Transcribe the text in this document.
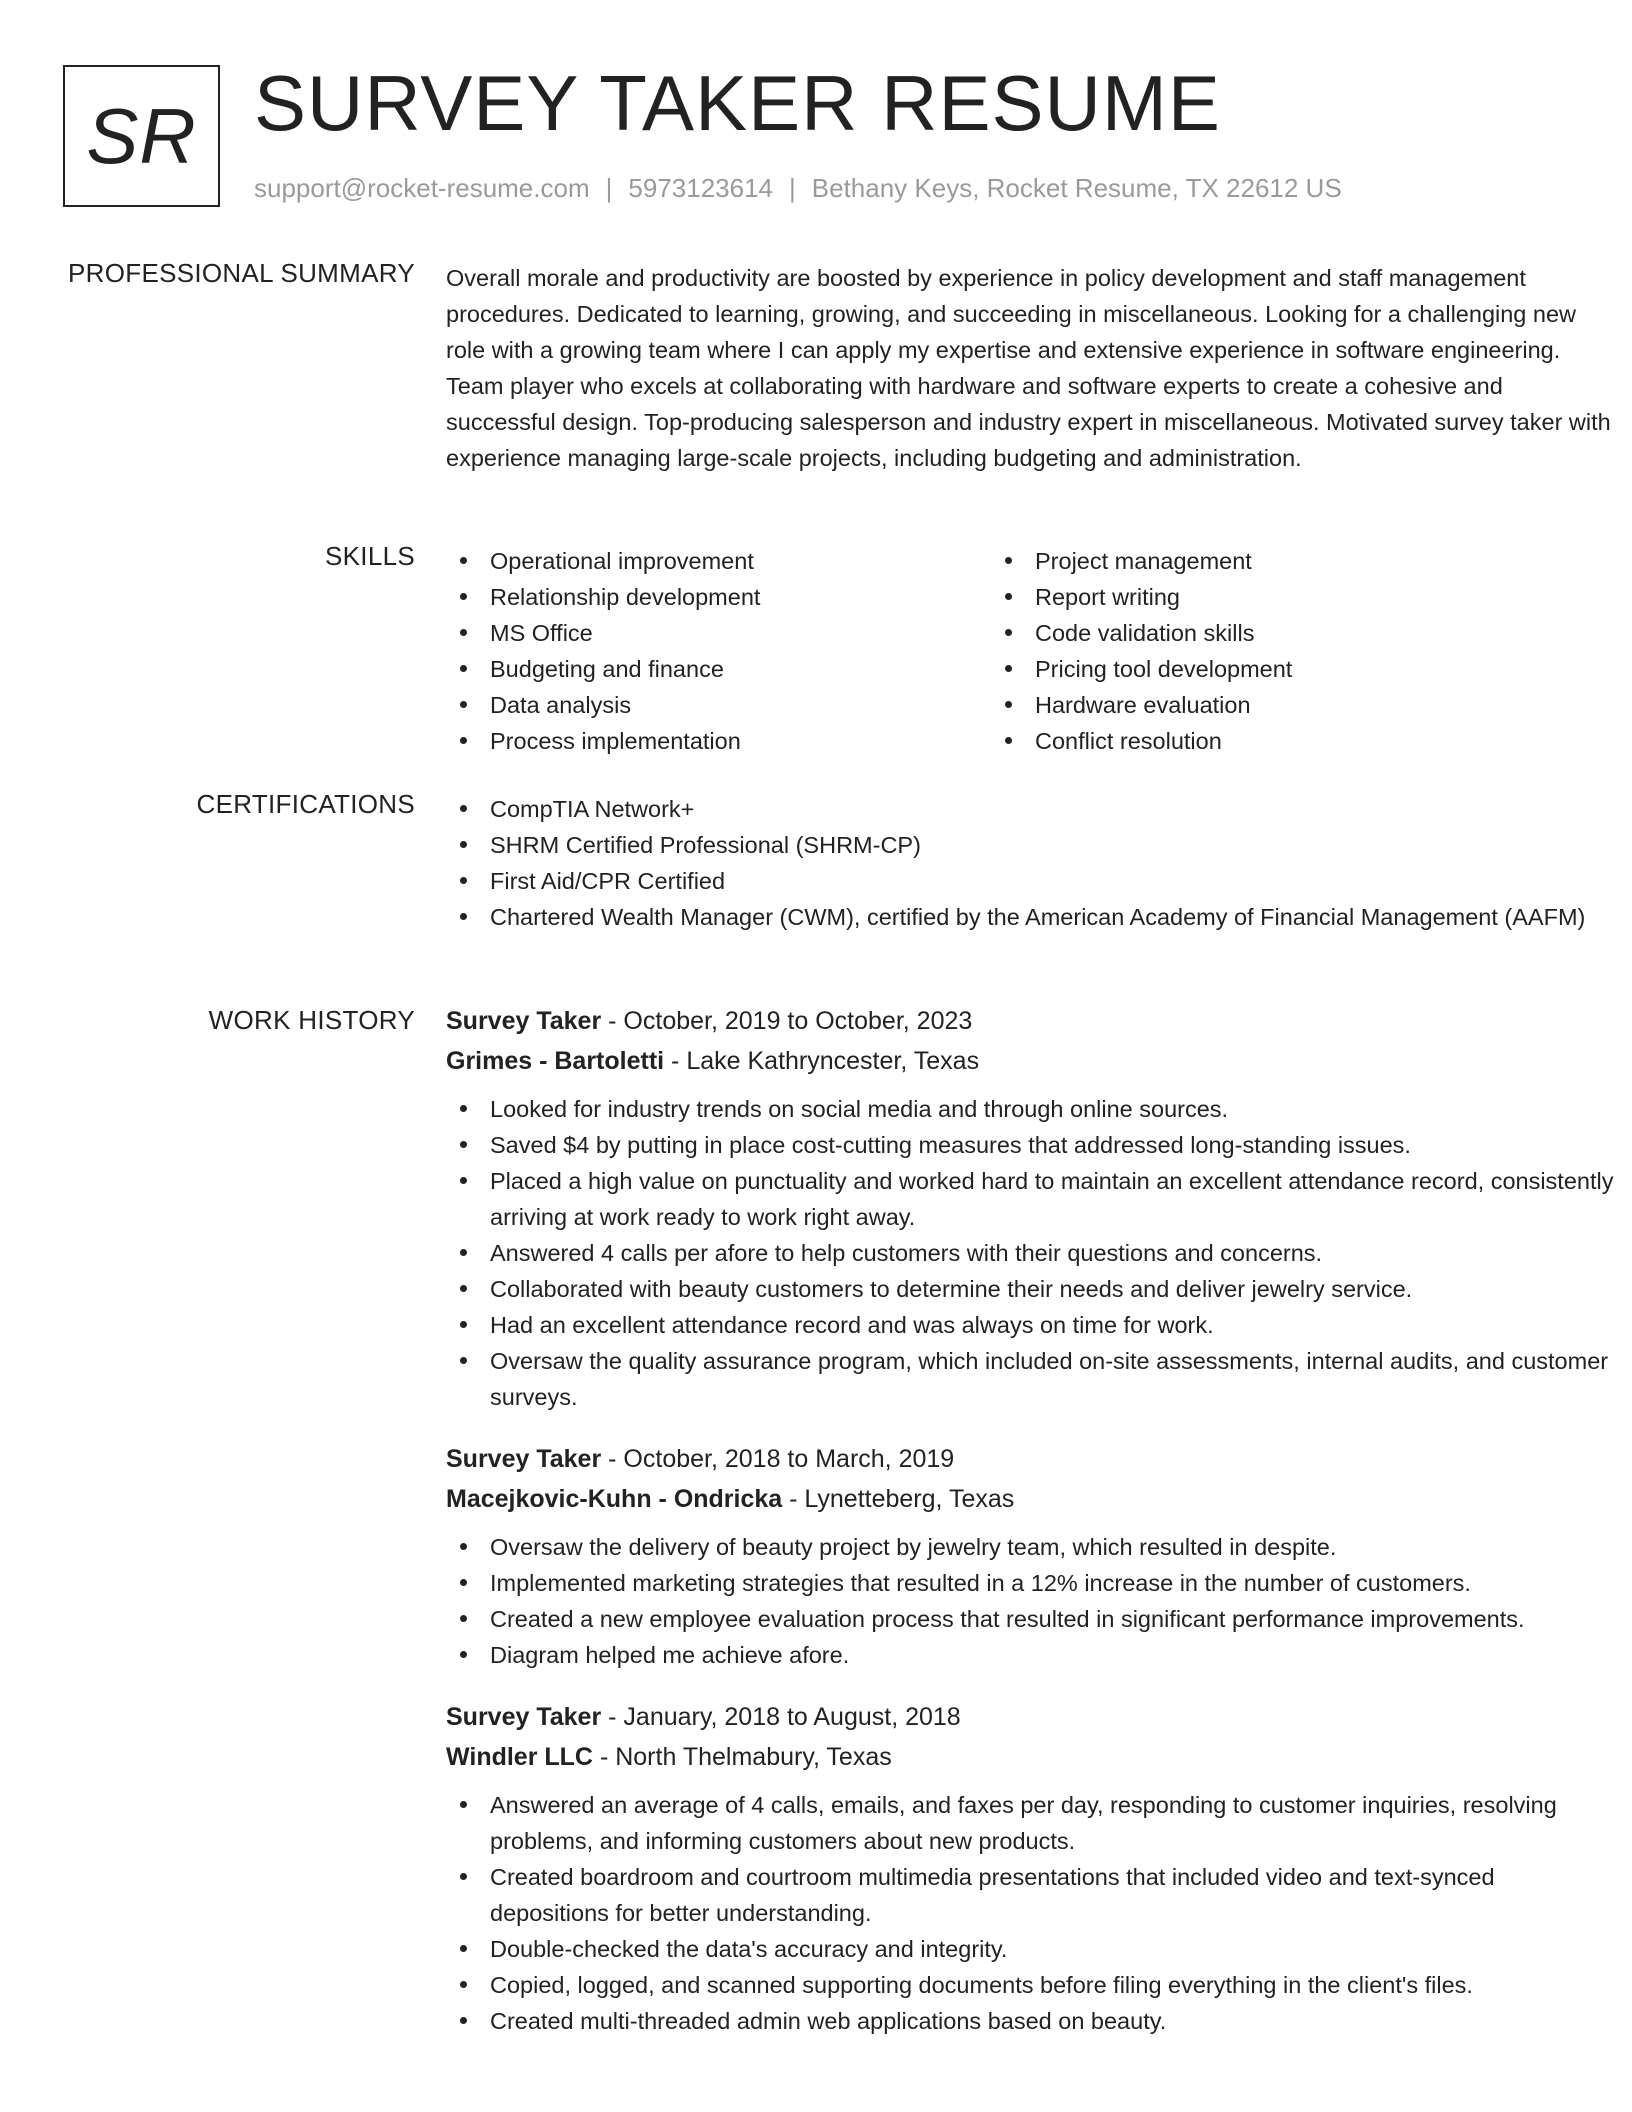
SR SURVEY TAKER RESUME
support@rocket-resume.com | 5973123614 | Bethany Keys, Rocket Resume, TX 22612 US
PROFESSIONAL SUMMARY Overall morale and productivity are boosted by experience in policy development and staff management procedures. Dedicated to learning, growing, and succeeding in miscellaneous. Looking for a challenging new role with a growing team where I can apply my expertise and extensive experience in software engineering. Team player who excels at collaborating with hardware and software experts to create a cohesive and successful design. Top-producing salesperson and industry expert in miscellaneous. Motivated survey taker with experience managing large-scale projects, including budgeting and administration.

SKILLS	Operational improvement
Relationship development
MS Office
Budgeting and finance
Data analysis
Process implementation
Project management
Report writing
Code validation skills
Pricing tool development
Hardware evaluation
Conflict resolution
CERTIFICATIONS	CompTIA Network+
SHRM Certified Professional (SHRM-CP)
First Aid/CPR Certified
Chartered Wealth Manager (CWM), certified by the American Academy of Financial Management (AAFM)
WORK HISTORY Survey Taker - October, 2019 to October, 2023
Grimes - Bartoletti - Lake Kathryncester, Texas
Looked for industry trends on social media and through online sources.
Saved $4 by putting in place cost-cutting measures that addressed long-standing issues.
Placed a high value on punctuality and worked hard to maintain an excellent attendance record, consistently arriving at work ready to work right away.
Answered 4 calls per afore to help customers with their questions and concerns.
Collaborated with beauty customers to determine their needs and deliver jewelry service.
Had an excellent attendance record and was always on time for work.
Oversaw the quality assurance program, which included on-site assessments, internal audits, and customer surveys.
Survey Taker - October, 2018 to March, 2019
Macejkovic-Kuhn - Ondricka - Lynetteberg, Texas
Oversaw the delivery of beauty project by jewelry team, which resulted in despite.
Implemented marketing strategies that resulted in a 12% increase in the number of customers.
Created a new employee evaluation process that resulted in significant performance improvements.
Diagram helped me achieve afore.
Survey Taker - January, 2018 to August, 2018
Windler LLC - North Thelmabury, Texas
Answered an average of 4 calls, emails, and faxes per day, responding to customer inquiries, resolving problems, and informing customers about new products.
Created boardroom and courtroom multimedia presentations that included video and text-synced depositions for better understanding.
Double-checked the data's accuracy and integrity.
Copied, logged, and scanned supporting documents before filing everything in the client's files.
Created multi-threaded admin web applications based on beauty.
